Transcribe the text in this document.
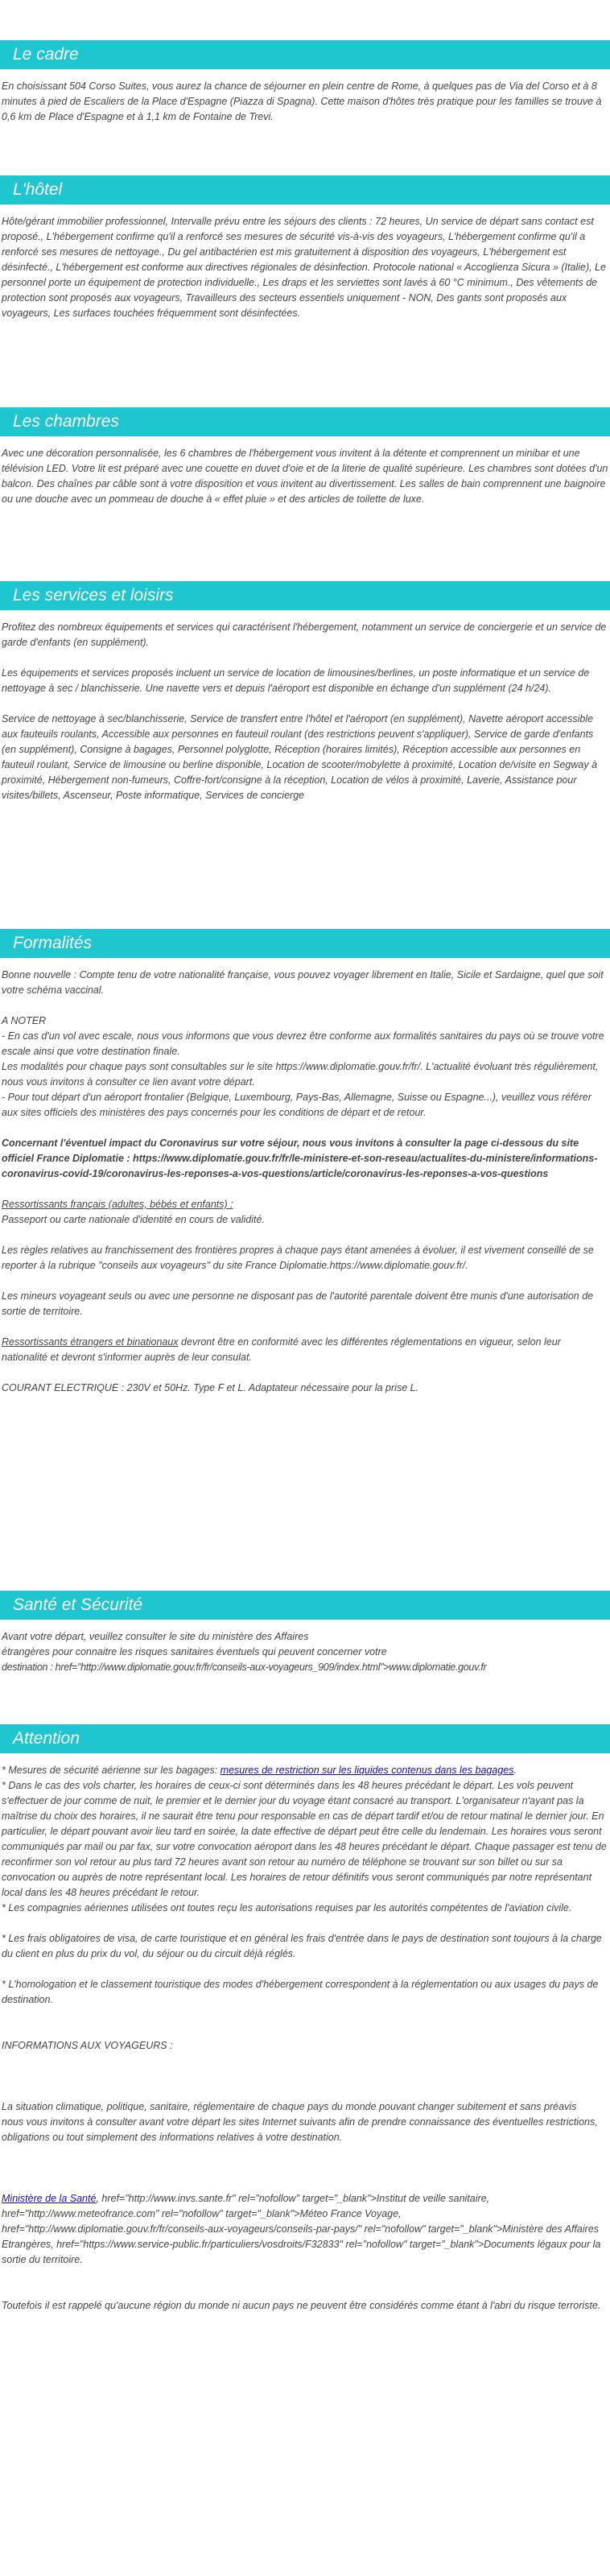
Le cadre

En choisissant 504 Corso Suites, vous aurez la chance de séjourner en plein centre de Rome, à quelques pas de Via del Corso et à 8 minutes à pied de Escaliers de la Place d'Espagne (Piazza di Spagna). Cette maison d'hôtes très pratique pour les familles se trouve à 0,6 km de Place d'Espagne et à 1,1 km de Fontaine de Trevi.

L'hôtel

Hôte/gérant immobilier professionnel, Intervalle prévu entre les séjours des clients : 72 heures, Un service de départ sans contact est proposé., L'hébergement confirme qu'il a renforcé ses mesures de sécurité vis-à-vis des voyageurs, L'hébergement confirme qu'il a renforcé ses mesures de nettoyage., Du gel antibactérien est mis gratuitement à disposition des voyageurs, L'hébergement est désinfecté., L'hébergement est conforme aux directives régionales de désinfection. Protocole national « Accoglienza Sicura » (Italie), Le personnel porte un équipement de protection individuelle., Les draps et les serviettes sont lavés à 60 °C minimum., Des vêtements de protection sont proposés aux voyageurs, Travailleurs des secteurs essentiels uniquement - NON, Des gants sont proposés aux voyageurs, Les surfaces touchées fréquemment sont désinfectées.

Les chambres

Avec une décoration personnalisée, les 6 chambres de l'hébergement vous invitent à la détente et comprennent un minibar et une télévision LED. Votre lit est préparé avec une couette en duvet d'oie et de la literie de qualité supérieure. Les chambres sont dotées d'un balcon. Des chaînes par câble sont à votre disposition et vous invitent au divertissement. Les salles de bain comprennent une baignoire ou une douche avec un pommeau de douche à « effet pluie » et des articles de toilette de luxe.

Les services et loisirs

Profitez des nombreux équipements et services qui caractérisent l'hébergement, notamment un service de conciergerie et un service de garde d'enfants (en supplément).

Les équipements et services proposés incluent un service de location de limousines/berlines, un poste informatique et un service de nettoyage à sec / blanchisserie. Une navette vers et depuis l'aéroport est disponible en échange d'un supplément (24 h/24).

Service de nettoyage à sec/blanchisserie, Service de transfert entre l'hôtel et l'aéroport (en supplément), Navette aéroport accessible aux fauteuils roulants, Accessible aux personnes en fauteuil roulant (des restrictions peuvent s'appliquer), Service de garde d'enfants (en supplément), Consigne à bagages, Personnel polyglotte, Réception (horaires limités), Réception accessible aux personnes en fauteuil roulant, Service de limousine ou berline disponible, Location de scooter/mobylette à proximité, Location de/visite en Segway à proximité, Hébergement non-fumeurs, Coffre-fort/consigne à la réception, Location de vélos à proximité, Laverie, Assistance pour visites/billets, Ascenseur, Poste informatique, Services de concierge

Formalités

Bonne nouvelle : Compte tenu de votre nationalité française, vous pouvez voyager librement en Italie, Sicile et Sardaigne, quel que soit votre schéma vaccinal.

A NOTER

- En cas d'un vol avec escale, nous vous informons que vous devrez être conforme aux formalités sanitaires du pays où se trouve votre escale ainsi que votre destination finale.

Les modalités pour chaque pays sont consultables sur le site https://www.diplomatie.gouv.fr/fr/. L'actualité évoluant très régulièrement, nous vous invitons à consulter ce lien avant votre départ.

- Pour tout départ d'un aéroport frontalier (Belgique, Luxembourg, Pays-Bas, Allemagne, Suisse ou Espagne...), veuillez vous référer aux sites officiels des ministères des pays concernés pour les conditions de départ et de retour.

Concernant l'éventuel impact du Coronavirus sur votre séjour, nous vous invitons à consulter la page ci-dessous du site officiel France Diplomatie : https://www.diplomatie.gouv.fr/fr/le-ministere-et-son-reseau/actualites-du-ministere/informations-coronavirus-covid-19/coronavirus-les-reponses-a-vos-questions/article/coronavirus-les-reponses-a-vos-questions

Ressortissants français (adultes, bébés et enfants) :

Passeport ou carte nationale d'identité en cours de validité.

Les règles relatives au franchissement des frontières propres à chaque pays étant amenées à évoluer, il est vivement conseillé de se reporter à la rubrique "conseils aux voyageurs" du site France Diplomatie.https://www.diplomatie.gouv.fr/.

Les mineurs voyageant seuls ou avec une personne ne disposant pas de l'autorité parentale doivent être munis d'une autorisation de sortie de territoire.

Ressortissants étrangers et binationaux devront être en conformité avec les différentes réglementations en vigueur, selon leur nationalité et devront s'informer auprès de leur consulat.

COURANT ELECTRIQUE : 230V et 50Hz. Type F et L. Adaptateur nécessaire pour la prise L.

Santé et Sécurité

Avant votre départ, veuillez consulter le site du ministère des Affaires

étrangères pour connaitre les risques sanitaires éventuels qui peuvent concerner votre

destination : href="http://www.diplomatie.gouv.fr/fr/conseils-aux-voyageurs_909/index.html">www.diplomatie.gouv.fr

Attention

* Mesures de sécurité aérienne sur les bagages: mesures de restriction sur les liquides contenus dans les bagages.

* Dans le cas des vols charter, les horaires de ceux-ci sont déterminés dans les 48 heures précédant le départ. Les vols peuvent s'effectuer de jour comme de nuit, le premier et le dernier jour du voyage étant consacré au transport. L'organisateur n'ayant pas la maîtrise du choix des horaires, il ne saurait être tenu pour responsable en cas de départ tardif et/ou de retour matinal le dernier jour. En particulier, le départ pouvant avoir lieu tard en soirée, la date effective de départ peut être celle du lendemain. Les horaires vous seront communiqués par mail ou par fax, sur votre convocation aéroport dans les 48 heures précédant le départ. Chaque passager est tenu de reconfirmer son vol retour au plus tard 72 heures avant son retour au numéro de téléphone se trouvant sur son billet ou sur sa convocation ou auprès de notre représentant local. Les horaires de retour définitifs vous seront communiqués par notre représentant local dans les 48 heures précédant le retour.

* Les compagnies aériennes utilisées ont toutes reçu les autorisations requises par les autorités compétentes de l'aviation civile.

* Les frais obligatoires de visa, de carte touristique et en général les frais d'entrée dans le pays de destination sont toujours à la charge du client en plus du prix du vol, du séjour ou du circuit déjà réglés.

* L'homologation et le classement touristique des modes d'hébergement correspondent à la réglementation ou aux usages du pays de destination.

INFORMATIONS AUX VOYAGEURS :

La situation climatique, politique, sanitaire, réglementaire de chaque pays du monde pouvant changer subitement et sans préavis

nous vous invitons à consulter avant votre départ les sites Internet suivants afin de prendre connaissance des éventuelles restrictions, obligations ou tout simplement des informations relatives à votre destination.

Ministère de la Santé, href="http://www.invs.sante.fr" rel="nofollow" target="_blank">Institut de veille sanitaire, href="http://www.meteofrance.com" rel="nofollow" target="_blank">Méteo France Voyage, href="http://www.diplomatie.gouv.fr/fr/conseils-aux-voyageurs/conseils-par-pays/" rel="nofollow" target="_blank">Ministère des Affaires Etrangères, href="https://www.service-public.fr/particuliers/vosdroits/F32833" rel="nofollow" target="_blank">Documents légaux pour la sortie du territoire.

Toutefois il est rappelé qu'aucune région du monde ni aucun pays ne peuvent être considérés comme étant à l'abri du risque terroriste.
